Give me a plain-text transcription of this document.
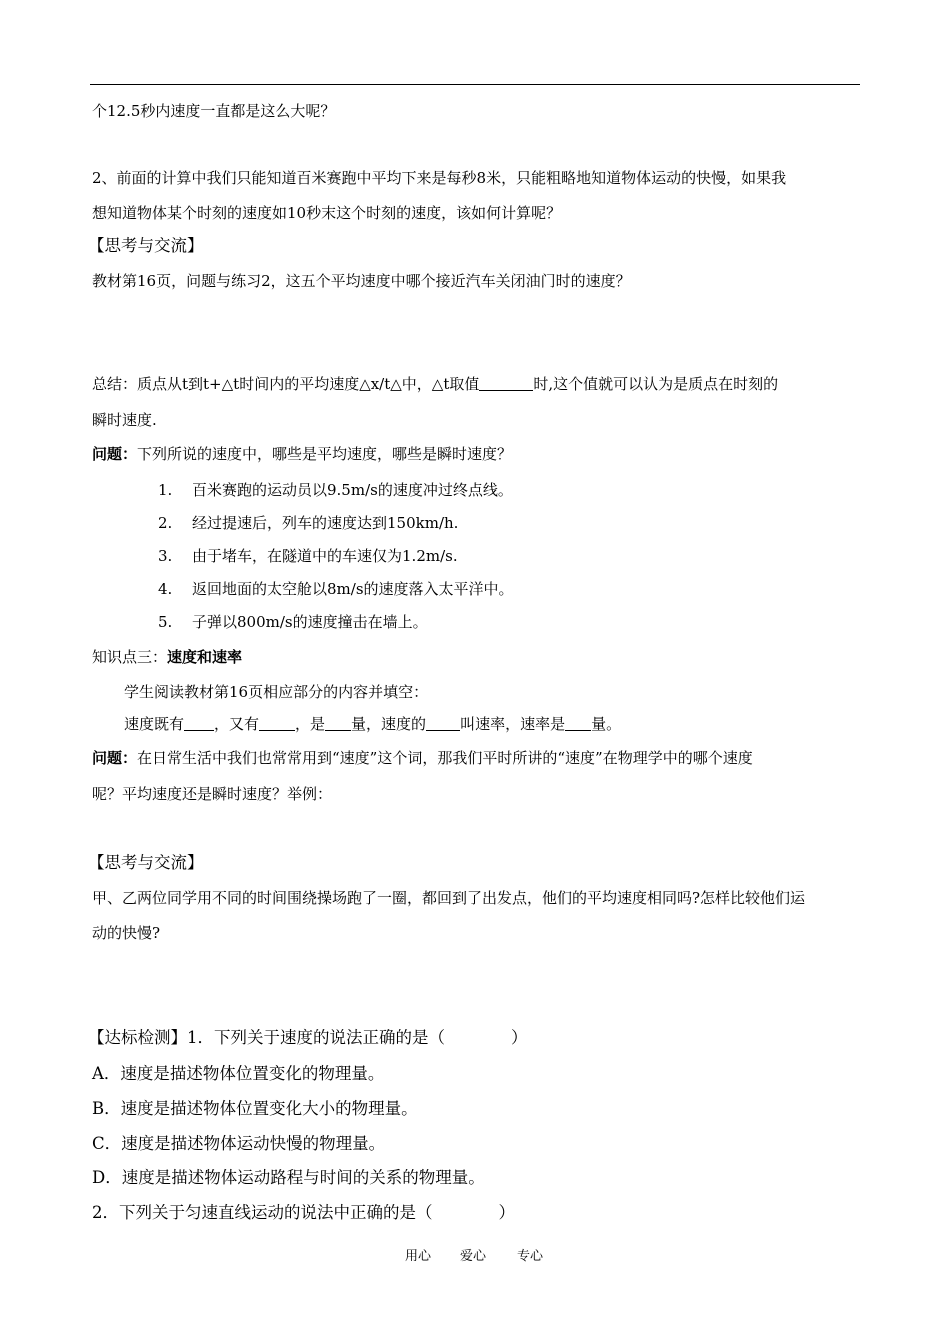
个12.5秒内速度一直都是这么大呢？
2、前面的计算中我们只能知道百米赛跑中平均下来是每秒8米，只能粗略地知道物体运动的快慢，如果我
想知道物体某个时刻的速度如10秒末这个时刻的速度，该如何计算呢？
【思考与交流】
教材第16页，问题与练习2，这五个平均速度中哪个接近汽车关闭油门时的速度？
总结：质点从t到t+△t时间内的平均速度△x/t△中，△t取值	时,这个值就可以认为是质点在时刻的
瞬时速度.
问题：下列所说的速度中，哪些是平均速度，哪些是瞬时速度？
1. 百米赛跑的运动员以9.5m/s的速度冲过终点线。
2. 经过提速后，列车的速度达到150km/h.
3. 由于堵车，在隧道中的车速仅为1.2m/s.
4. 返回地面的太空舱以8m/s的速度落入太平洋中。
5. 子弹以800m/s的速度撞击在墙上。
知识点三：速度和速率
学生阅读教材第16页相应部分的内容并填空：
速度既有 ，又有 ，是 量，速度的 叫速率，速率是 量。
问题：在日常生活中我们也常常用到“速度”这个词，那我们平时所讲的“速度”在物理学中的哪个速度
呢？平均速度还是瞬时速度？举例：
【思考与交流】
甲、乙两位同学用不同的时间围绕操场跑了一圈，都回到了出发点，他们的平均速度相同吗?怎样比较他们运
动的快慢?
【达标检测】1．下列关于速度的说法正确的是（　　　　）
A．速度是描述物体位置变化的物理量。
B．速度是描述物体位置变化大小的物理量。
C．速度是描述物体运动快慢的物理量。
D．速度是描述物体运动路程与时间的关系的物理量。
2．下列关于匀速直线运动的说法中正确的是（　　　　）
用心 爱心 专心
